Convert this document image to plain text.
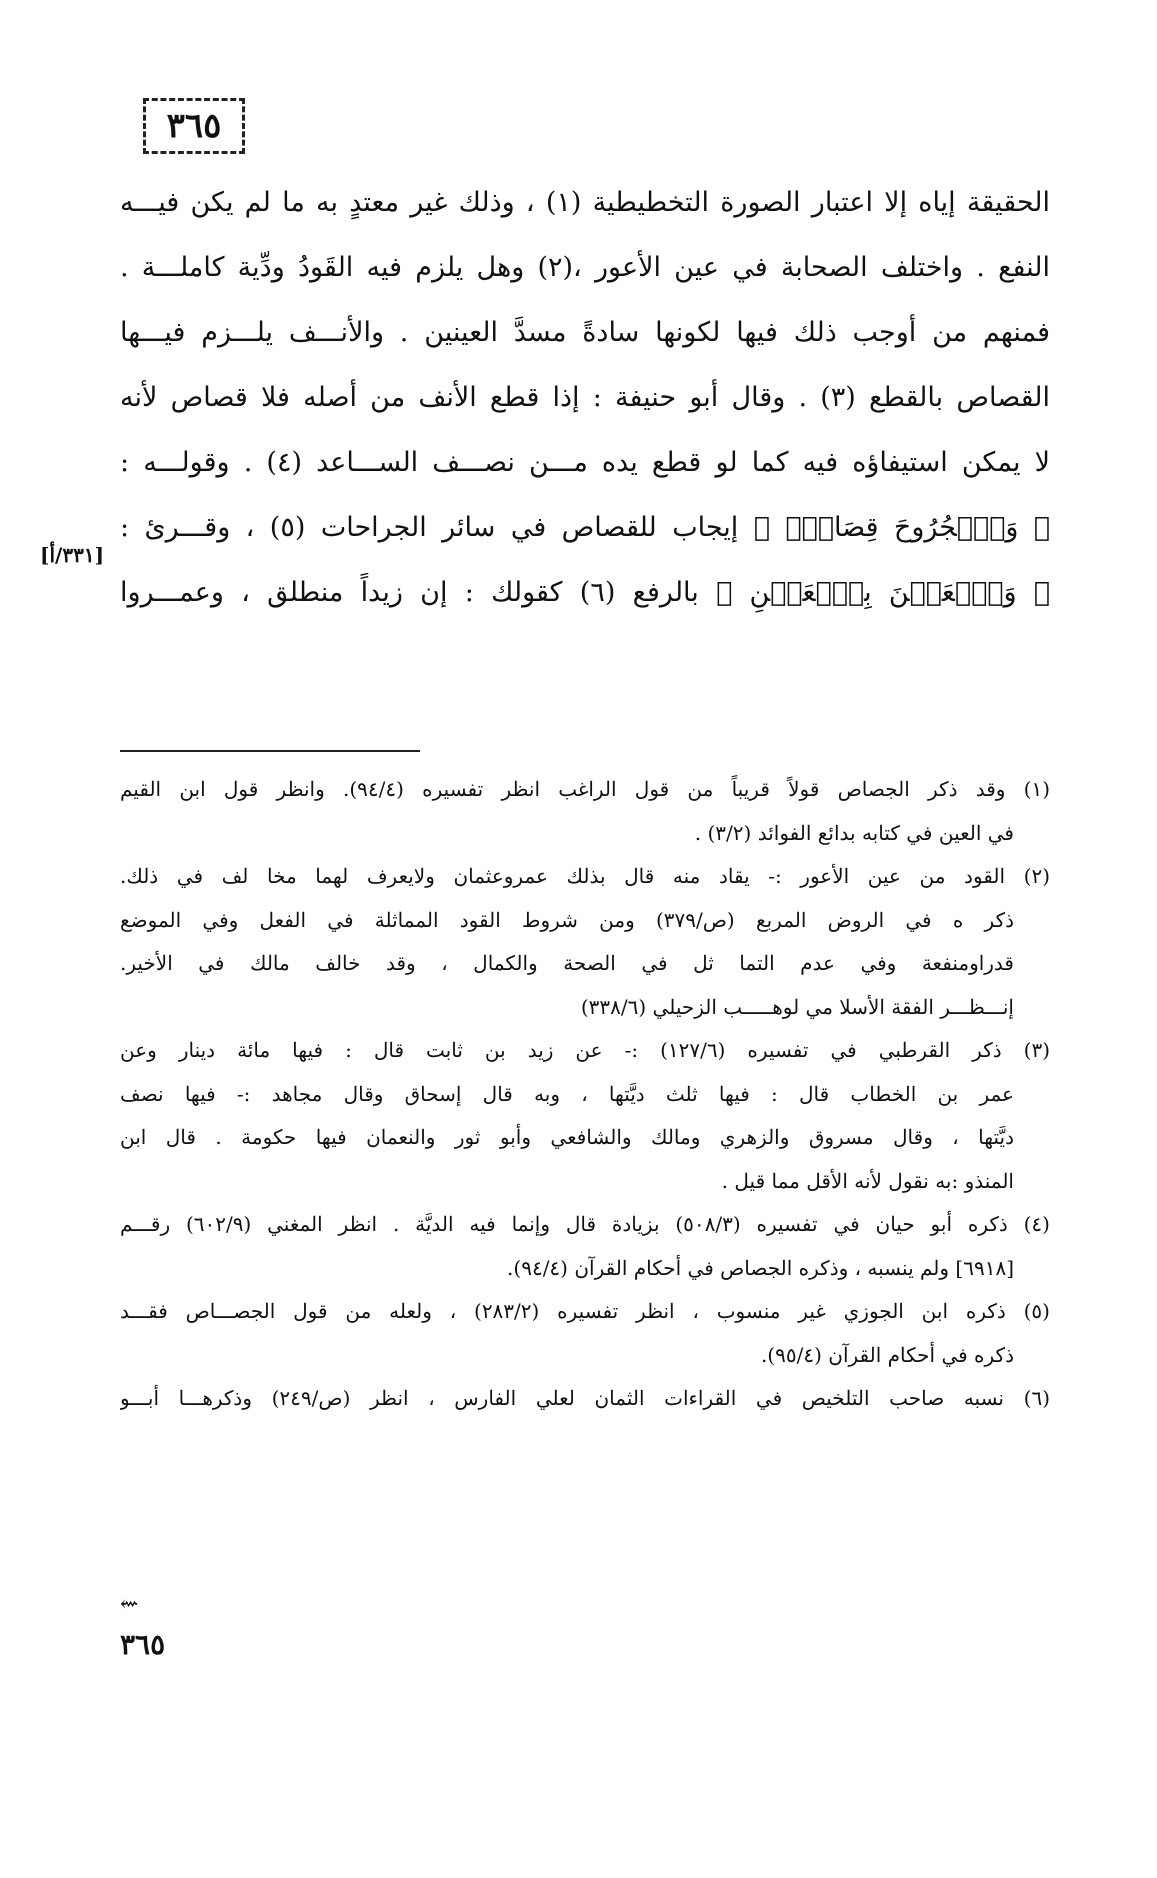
٣٦٥
الحقيقة إياه إلا اعتبار الصورة التخطيطية (١) ، وذلك غير معتدٍ به ما لم يكن فيـــه
النفع . واختلف الصحابة في عين الأعور ،(٢) وهل يلزم فيه القَودُ ودِّية كاملـــة .
فمنهم من أوجب ذلك فيها لكونها سادةً مسدَّ العينين . والأنـــف يلـــزم فيـــها
القصاص بالقطع (٣) . وقال أبو حنيفة : إذا قطع الأنف من أصله فلا قصاص لأنه
لا يمكن استيفاؤه فيه كما لو قطع يده مـــن نصـــف الســـاعد (٤) . وقولـــه :
﴿ وَٱلۡجُرُوحَ قِصَاصٌۚ ﴾ إيجاب للقصاص في سائر الجراحات (٥) ، وقـــرئ :
﴿ وَٱلۡعَيۡنَ بِٱلۡعَيۡنِ ﴾ بالرفع (٦) كقولك : إن زيداً منطلق ، وعمـــروا
[٣٣١/أ]
(١) وقد ذكر الجصاص قولاً قريباً من قول الراغب انظر تفسيره (٩٤/٤). وانظر قول ابن القيم
في العين في كتابه بدائع الفوائد (٣/٢) .
(٢) القود من عين الأعور :- يقاد منه قال بذلك عمروعثمان ولايعرف لهما مخا لف في ذلك.
ذكر ه في الروض المربع (ص/٣٧٩) ومن شروط القود المماثلة في الفعل وفي الموضع
قدراومنفعة وفي عدم التما ثل في الصحة والكمال ، وقد خالف مالك في الأخير.
إنـــظـــر الفقة الأسلا مي لوهـــــب الزحيلي (٣٣٨/٦)
(٣) ذكر القرطبي في تفسيره (١٢٧/٦) :- عن زيد بن ثابت قال : فيها مائة دينار وعن
عمر بن الخطاب قال : فيها ثلث ديَّتها ، وبه قال إسحاق وقال مجاهد :- فيها نصف
ديَّتها ، وقال مسروق والزهري ومالك والشافعي وأبو ثور والنعمان فيها حكومة . قال ابن
المنذو :به نقول لأنه الأقل مما قيل .
(٤) ذكره أبو حيان في تفسيره (٥٠٨/٣) بزيادة قال وإنما فيه الديَّة . انظر المغني (٦٠٢/٩) رقـــم
[٦٩١٨] ولم ينسبه ، وذكره الجصاص في أحكام القرآن (٩٤/٤).
(٥) ذكره ابن الجوزي غير منسوب ، انظر تفسيره (٢٨٣/٢) ، ولعله من قول الجصـــاص فقـــد
ذكره في أحكام القرآن (٩٥/٤).
(٦) نسبه صاحب التلخيص في القراءات الثمان لعلي الفارس ، انظر (ص/٢٤٩) وذكرهـــا أبـــو
⇜
٣٦٥
